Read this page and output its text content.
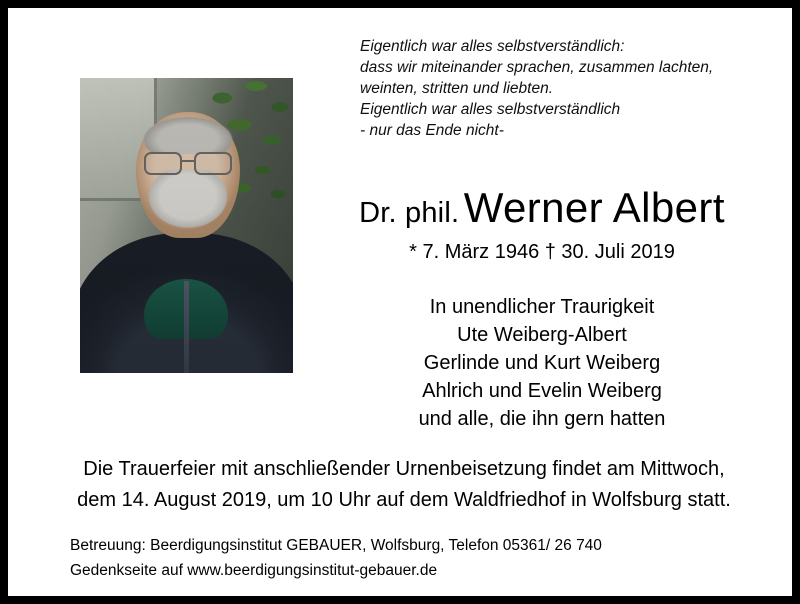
Eigentlich war alles selbstverständlich:
dass wir miteinander sprachen, zusammen lachten,
weinten, stritten und liebten.
Eigentlich war alles selbstverständlich
- nur das Ende nicht-
Dr. phil. Werner Albert
* 7. März 1946 † 30. Juli 2019
In unendlicher Traurigkeit
Ute Weiberg-Albert
Gerlinde und Kurt Weiberg
Ahlrich und Evelin Weiberg
und alle, die ihn gern hatten
Die Trauerfeier mit anschließender Urnenbeisetzung findet am Mittwoch,
dem 14. August 2019, um 10 Uhr auf dem Waldfriedhof in Wolfsburg statt.
Betreuung: Beerdigungsinstitut GEBAUER, Wolfsburg, Telefon 05361/ 26 740
Gedenkseite auf www.beerdigungsinstitut-gebauer.de
